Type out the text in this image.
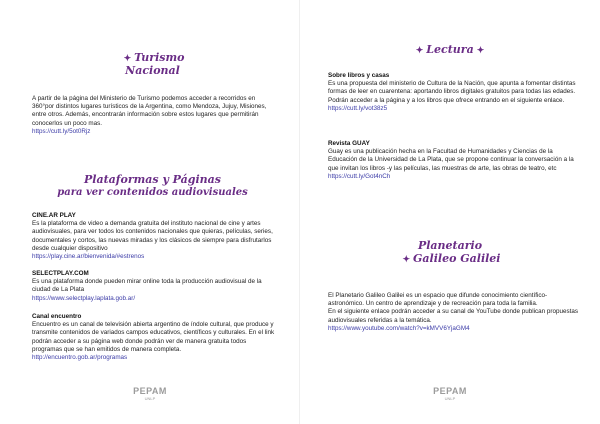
✦ Turismo
Nacional

A partir de la página del Ministerio de Turismo podemos acceder a recorridos en 360°por distintos lugares turísticos de la Argentina, como Mendoza, Jujuy, Misiones, entre otros. Además, encontrarán información sobre estos lugares que permitirán conocerlos un poco mas.

https://cutt.ly/5ot0Rjz

Plataformas y Páginas
para ver contenidos audiovisuales

CINE.AR PLAY

Es la plataforma de video a demanda gratuita del instituto nacional de cine y artes audiovisuales, para ver todos los contenidos nacionales que quieras, películas, series, documentales y cortos, las nuevas miradas y los clásicos de siempre para disfrutarlos desde cualquier dispositivo

https://play.cine.ar/bienvenida/#estrenos

SELECTPLAY.COM

Es una plataforma donde pueden mirar online toda la producción audiovisual de la ciudad de La Plata

https://www.selectplay.laplata.gob.ar/

Canal encuentro

Encuentro es un canal de televisión abierta argentino de índole cultural, que produce y transmite contenidos de variados campos educativos, científicos y culturales. En el link podrán acceder a su página web donde podrán ver de manera gratuita todos programas que se han emitidos de manera completa.

http://encuentro.gob.ar/programas

PEPAM
UNLP
✦ Lectura ✦

Sobre libros y casas

Es una propuesta del ministerio de Cultura de la Nación, que apunta a fomentar distintas formas de leer en cuarentena: aportando libros digitales gratuitos para todas las edades.

Podrán acceder a la página y a los libros que ofrece entrando en el siguiente enlace.

https://cutt.ly/vot38z5

Revista GUAY

Guay es una publicación hecha en la Facultad de Humanidades y Ciencias de la Educación de la Universidad de La Plata, que se propone continuar la conversación a la que invitan los libros -y las películas, las muestras de arte, las obras de teatro, etc

https://cutt.ly/Got4nCh

Planetario
✦ Galileo Galilei

El Planetario Galileo Galilei es un espacio que difunde conocimiento científico-astronómico. Un centro de aprendizaje y de recreación para toda la familia.

En el siguiente enlace podrán acceder a su canal de YouTube donde publican propuestas audiovisuales referidas a la temática.

https://www.youtube.com/watch?v=kMVV6YjaGM4

PEPAM
UNLP
